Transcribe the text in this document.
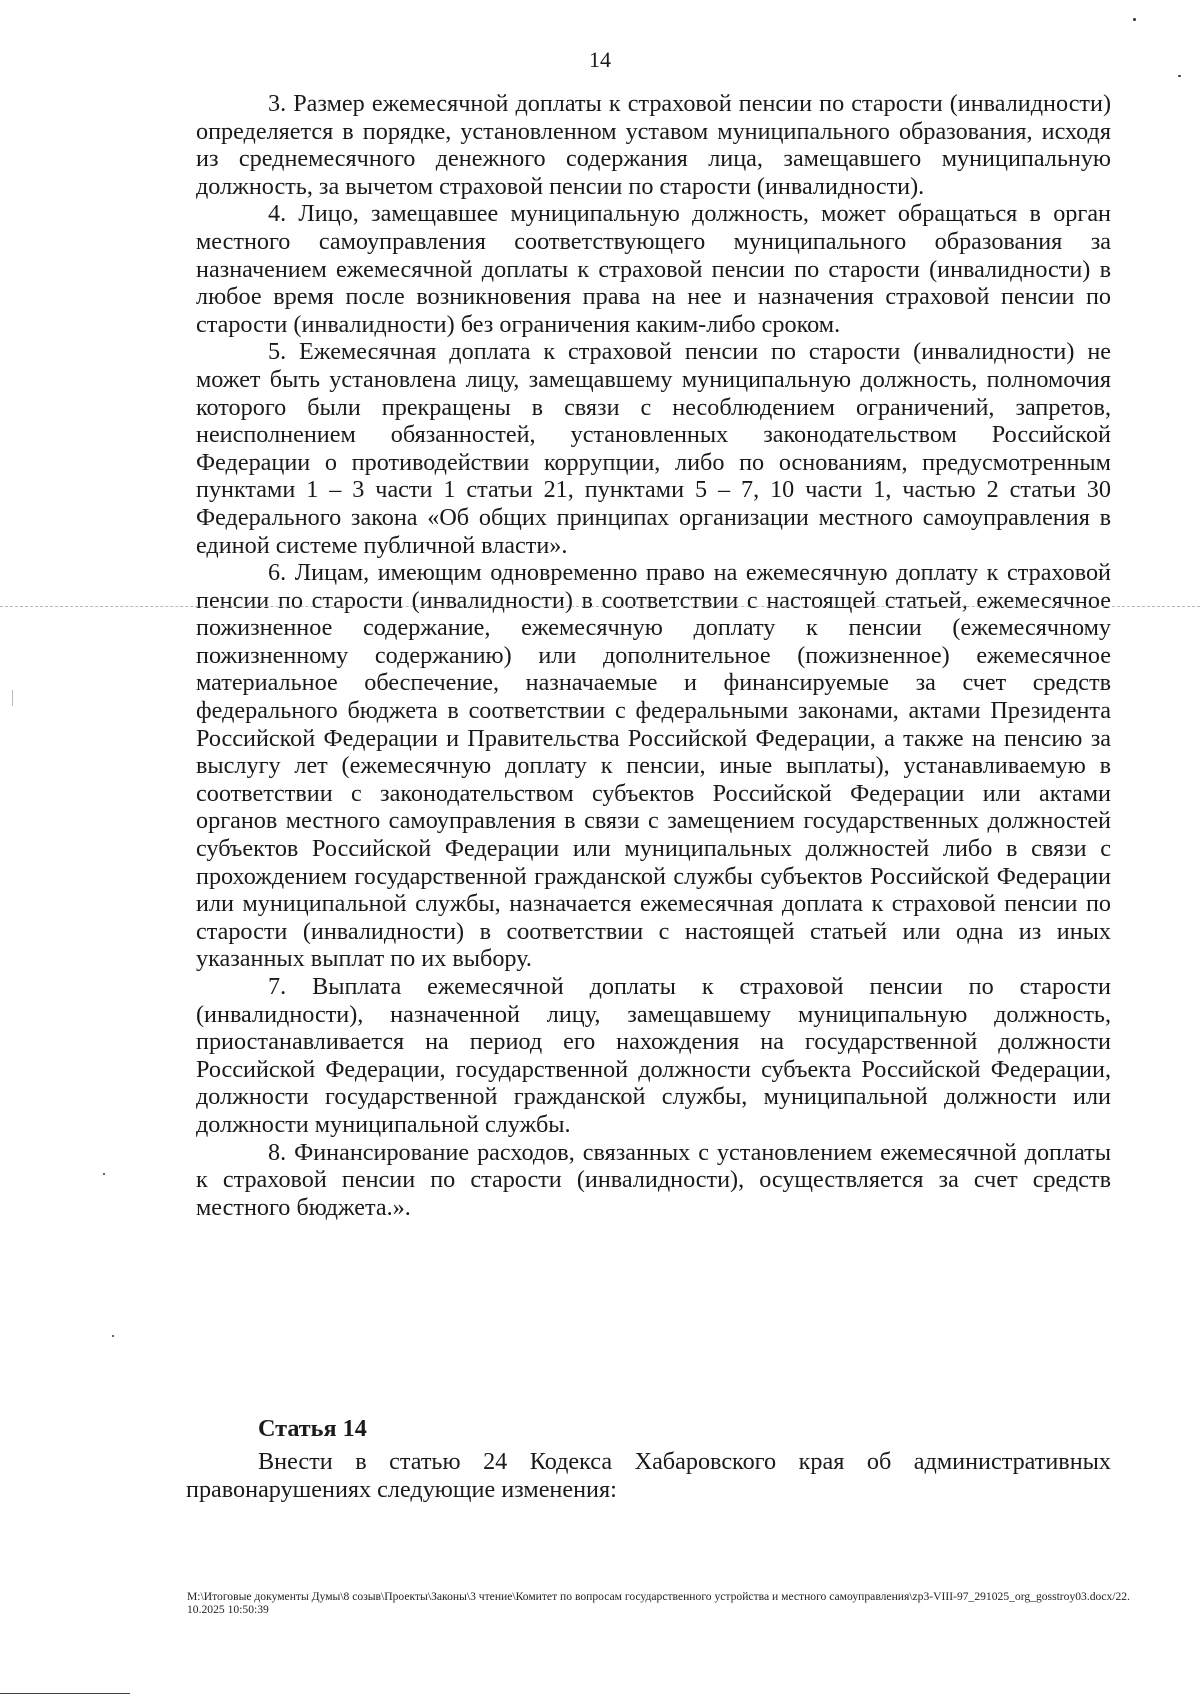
14

3. Размер ежемесячной доплаты к страховой пенсии по старости (инвалидности) определяется в порядке, установленном уставом муниципального образования, исходя из среднемесячного денежного содержания лица, замещавшего муниципальную должность, за вычетом страховой пенсии по старости (инвалидности).

4. Лицо, замещавшее муниципальную должность, может обращаться в орган местного самоуправления соответствующего муниципального образования за назначением ежемесячной доплаты к страховой пенсии по старости (инвалидности) в любое время после возникновения права на нее и назначения страховой пенсии по старости (инвалидности) без ограничения каким-либо сроком.

5. Ежемесячная доплата к страховой пенсии по старости (инвалидности) не может быть установлена лицу, замещавшему муниципальную должность, полномочия которого были прекращены в связи с несоблюдением ограничений, запретов, неисполнением обязанностей, установленных законодательством Российской Федерации о противодействии коррупции, либо по основаниям, предусмотренным пунктами 1 – 3 части 1 статьи 21, пунктами 5 – 7, 10 части 1, частью 2 статьи 30 Федерального закона «Об общих принципах организации местного самоуправления в единой системе публичной власти».

6. Лицам, имеющим одновременно право на ежемесячную доплату к страховой пенсии по старости (инвалидности) в соответствии с настоящей статьей, ежемесячное пожизненное содержание, ежемесячную доплату к пенсии (ежемесячному пожизненному содержанию) или дополнительное (пожизненное) ежемесячное материальное обеспечение, назначаемые и финансируемые за счет средств федерального бюджета в соответствии с федеральными законами, актами Президента Российской Федерации и Правительства Российской Федерации, а также на пенсию за выслугу лет (ежемесячную доплату к пенсии, иные выплаты), устанавливаемую в соответствии с законодательством субъектов Российской Федерации или актами органов местного самоуправления в связи с замещением государственных должностей субъектов Российской Федерации или муниципальных должностей либо в связи с прохождением государственной гражданской службы субъектов Российской Федерации или муниципальной службы, назначается ежемесячная доплата к страховой пенсии по старости (инвалидности) в соответствии с настоящей статьей или одна из иных указанных выплат по их выбору.

7. Выплата ежемесячной доплаты к страховой пенсии по старости (инвалидности), назначенной лицу, замещавшему муниципальную должность, приостанавливается на период его нахождения на государственной должности Российской Федерации, государственной должности субъекта Российской Федерации, должности государственной гражданской службы, муниципальной должности или должности муниципальной службы.

8. Финансирование расходов, связанных с установлением ежемесячной доплаты к страховой пенсии по старости (инвалидности), осуществляется за счет средств местного бюджета.».

Статья 14

Внести в статью 24 Кодекса Хабаровского края об административных правонарушениях следующие изменения:

M:\Итоговые документы Думы\8 созыв\Проекты\Законы\3 чтение\Комитет по вопросам государственного устройства и местного самоуправления\zp3-VIII-97_291025_org_gosstroy03.docx/22.10.2025 10:50:39
